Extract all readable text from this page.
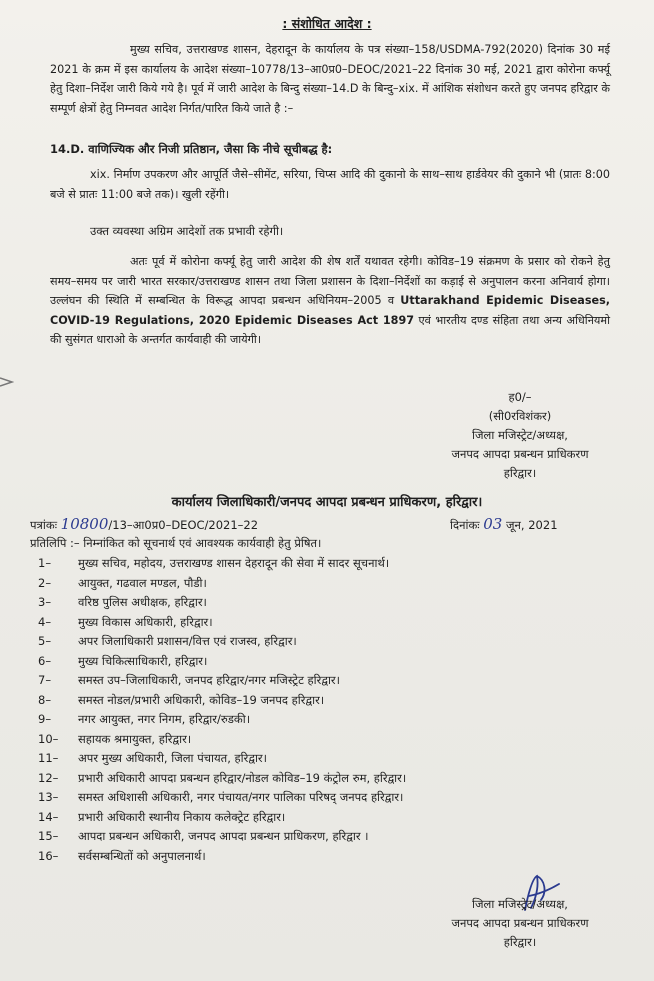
: संशोधित आदेश :

मुख्य सचिव, उत्तराखण्ड शासन, देहरादून के कार्यालय के पत्र संख्या–158/USDMA-792(2020) दिनांक 30 मई 2021 के क्रम में इस कार्यालय के आदेश संख्या–10778/13–आ0प्र0–DEOC/2021–22 दिनांक 30 मई, 2021 द्वारा कोरोना कर्फ्यू हेतु दिशा–निर्देश जारी किये गये है। पूर्व में जारी आदेश के बिन्दु संख्या–14.D के बिन्दु–xix. में आंशिक संशोधन करते हुए जनपद हरिद्वार के सम्पूर्ण क्षेत्रों हेतु निम्नवत आदेश निर्गत/पारित किये जाते है :–

14.D. वाणिज्यिक और निजी प्रतिष्ठान, जैसा कि नीचे सूचीबद्ध है:

xix. निर्माण उपकरण और आपूर्ति जैसे–सीमेंट, सरिया, चिप्स आदि की दुकानो के साथ–साथ हार्डवेयर की दुकाने भी (प्रातः 8:00 बजे से प्रातः 11:00 बजे तक)। खुली रहेंगी।

उक्त व्यवस्था अग्रिम आदेशों तक प्रभावी रहेगी।

अतः पूर्व में कोरोना कर्फ्यू हेतु जारी आदेश की शेष शर्तें यथावत रहेगी। कोविड–19 संक्रमण के प्रसार को रोकने हेतु समय–समय पर जारी भारत सरकार/उत्तराखण्ड शासन तथा जिला प्रशासन के दिशा–निर्देशों का कड़ाई से अनुपालन करना अनिवार्य होगा। उल्लंघन की स्थिति में सम्बन्धित के विरूद्ध आपदा प्रबन्धन अधिनियम–2005 व Uttarakhand Epidemic Diseases, COVID-19 Regulations, 2020 Epidemic Diseases Act 1897 एवं भारतीय दण्ड संहिता तथा अन्य अधिनियमो की सुसंगत धाराओ के अन्तर्गत कार्यवाही की जायेगी।

ह0/–
(सी0रविशंकर)
जिला मजिस्ट्रेट/अध्यक्ष,
जनपद आपदा प्रबन्धन प्राधिकरण
हरिद्वार।
कार्यालय जिलाधिकारी/जनपद आपदा प्रबन्धन प्राधिकरण, हरिद्वार।
पत्रांकः 10800/13–आ0प्र0–DEOC/2021–22	दिनांकः 03 जून, 2021
प्रतिलिपि :– निम्नांकित को सूचनार्थ एवं आवश्यक कार्यवाही हेतु प्रेषित।
1– मुख्य सचिव, महोदय, उत्तराखण्ड शासन देहरादून की सेवा में सादर सूचनार्थ।
2– आयुक्त, गढवाल मण्डल, पौडी।
3– वरिष्ठ पुलिस अधीक्षक, हरिद्वार।
4– मुख्य विकास अधिकारी, हरिद्वार।
5– अपर जिलाधिकारी प्रशासन/वित्त एवं राजस्व, हरिद्वार।
6– मुख्य चिकित्साधिकारी, हरिद्वार।
7– समस्त उप–जिलाधिकारी, जनपद हरिद्वार/नगर मजिस्ट्रेट हरिद्वार।
8– समस्त नोडल/प्रभारी अधिकारी, कोविड–19 जनपद हरिद्वार।
9– नगर आयुक्त, नगर निगम, हरिद्वार/रुडकी।
10– सहायक श्रमायुक्त, हरिद्वार।
11– अपर मुख्य अधिकारी, जिला पंचायत, हरिद्वार।
12– प्रभारी अधिकारी आपदा प्रबन्धन हरिद्वार/नोडल कोविड–19 कंट्रोल रुम, हरिद्वार।
13– समस्त अधिशासी अधिकारी, नगर पंचायत/नगर पालिका परिषद् जनपद हरिद्वार।
14– प्रभारी अधिकारी स्थानीय निकाय कलेक्ट्रेट हरिद्वार।
15– आपदा प्रबन्धन अधिकारी, जनपद आपदा प्रबन्धन प्राधिकरण, हरिद्वार ।
16– सर्वसम्बन्धितों को अनुपालनार्थ।
जिला मजिस्ट्रेट/अध्यक्ष,
जनपद आपदा प्रबन्धन प्राधिकरण
हरिद्वार।
